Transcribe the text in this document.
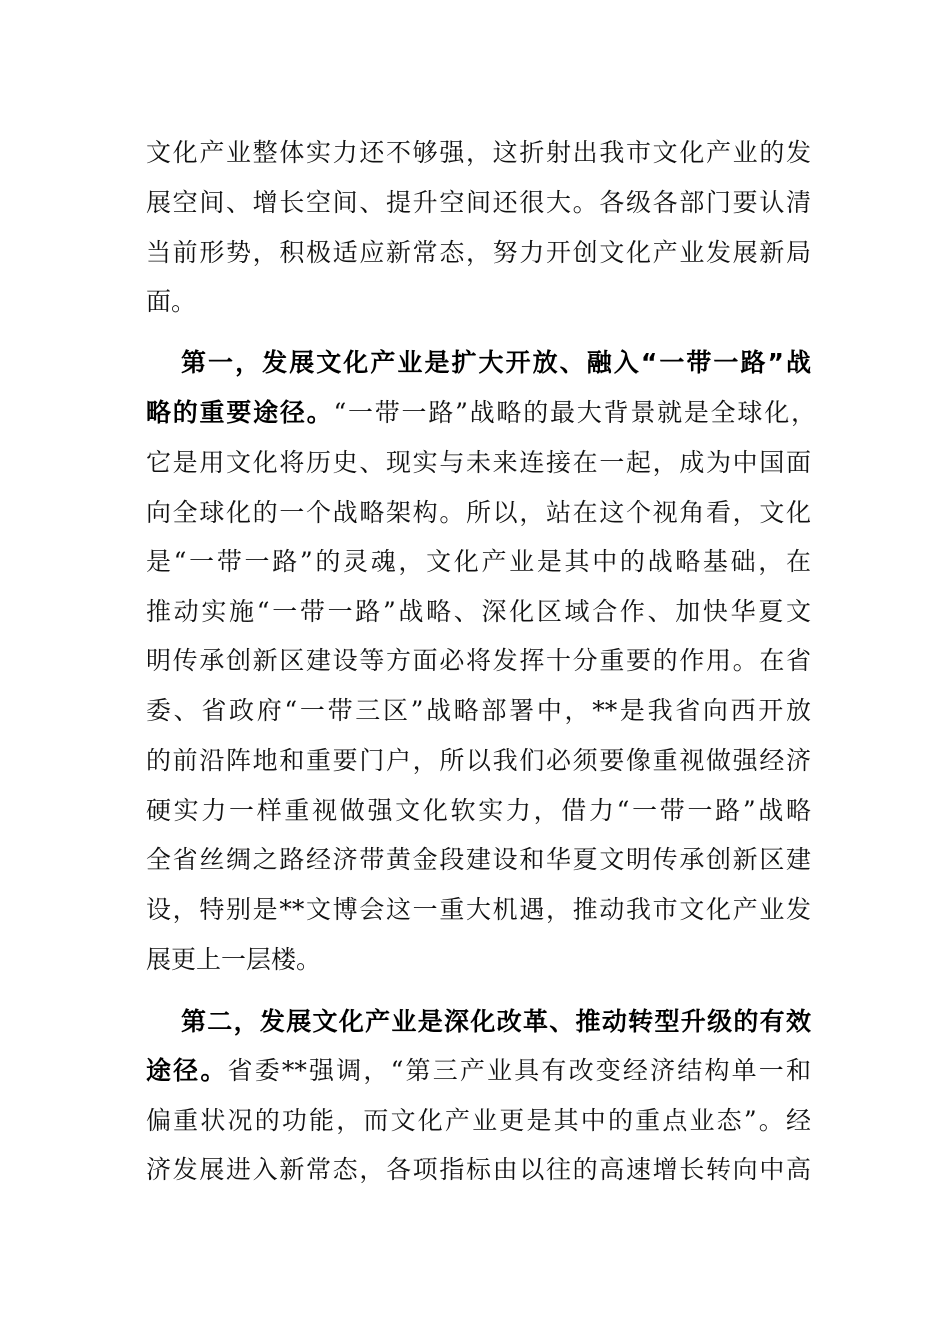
文化产业整体实力还不够强，这折射出我市文化产业的发
展空间、增长空间、提升空间还很大。各级各部门要认清
当前形势，积极适应新常态，努力开创文化产业发展新局
面。
第一，发展文化产业是扩大开放、融入“一带一路”战
略的重要途径。“一带一路”战略的最大背景就是全球化，
它是用文化将历史、现实与未来连接在一起，成为中国面
向全球化的一个战略架构。所以，站在这个视角看，文化
是“一带一路”的灵魂，文化产业是其中的战略基础，在
推动实施“一带一路”战略、深化区域合作、加快华夏文
明传承创新区建设等方面必将发挥十分重要的作用。在省
委、省政府“一带三区”战略部署中，**是我省向西开放
的前沿阵地和重要门户，所以我们必须要像重视做强经济
硬实力一样重视做强文化软实力，借力“一带一路”战略
全省丝绸之路经济带黄金段建设和华夏文明传承创新区建
设，特别是**文博会这一重大机遇，推动我市文化产业发
展更上一层楼。
第二，发展文化产业是深化改革、推动转型升级的有效
途径。省委**强调，“第三产业具有改变经济结构单一和
偏重状况的功能，而文化产业更是其中的重点业态”。经
济发展进入新常态，各项指标由以往的高速增长转向中高
